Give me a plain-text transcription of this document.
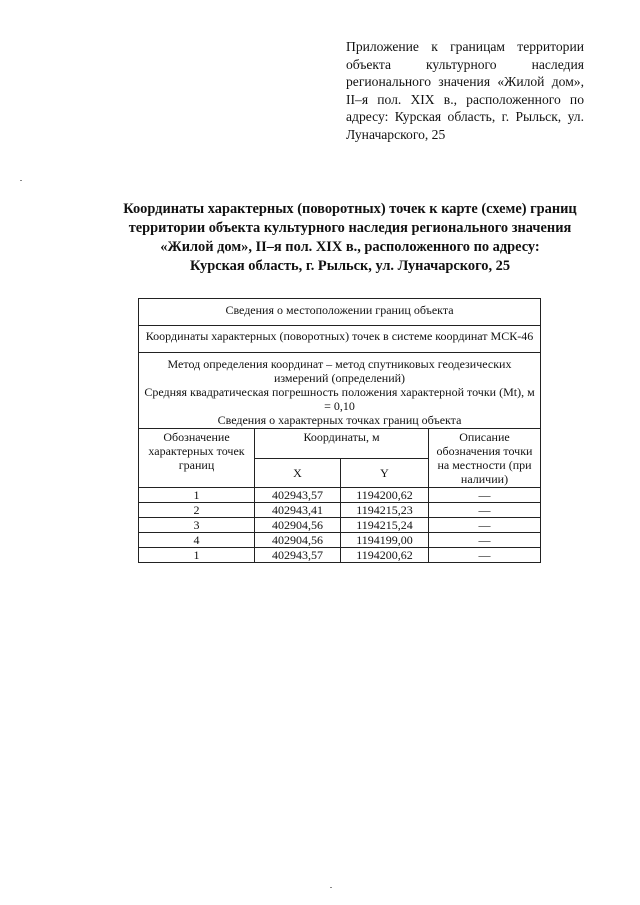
Приложение к границам территории объекта культурного наследия регионального значения «Жилой дом», II–я пол. XIX в., расположенного по адресу: Курская область, г. Рыльск, ул. Луначарского, 25
Координаты характерных (поворотных) точек к карте (схеме) границ
территории объекта культурного наследия регионального значения
«Жилой дом», II–я пол. XIX в., расположенного по адресу:
Курская область, г. Рыльск, ул. Луначарского, 25
Сведения о местоположении границ объекта			
Координаты характерных (поворотных) точек в системе координат МСК-46			

Метод определения координат – метод спутниковых геодезических измерений (определений)
Средняя квадратическая погрешность положения характерной точки (Mt), м = 0,10
Сведения о характерных точках границ объекта			

Обозначение характерных точек границ	Координаты, м		Описание обозначения точки на местности (при наличии)
	X	Y	
1	402943,57	1194200,62	—
2	402943,41	1194215,23	—
3	402904,56	1194215,24	—
4	402904,56	1194199,00	—
1	402943,57	1194200,62	—
